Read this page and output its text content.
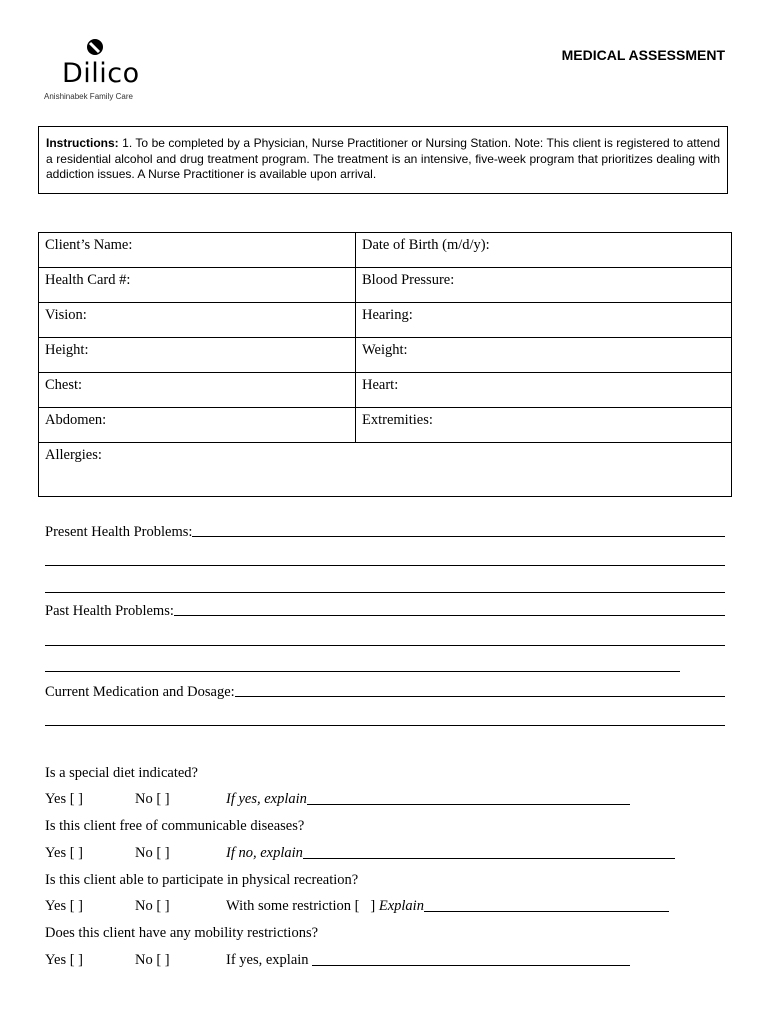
Dilico
Anishinabek Family Care
MEDICAL ASSESSMENT
Instructions: 1. To be completed by a Physician, Nurse Practitioner or Nursing Station. Note: This client is registered to attend a residential alcohol and drug treatment program. The treatment is an intensive, five-week program that prioritizes dealing with addiction issues. A Nurse Practitioner is available upon arrival.
Client’s Name:	Date of Birth (m/d/y):

Health Card #:	Blood Pressure:

Vision:	Hearing:

Height:	Weight:

Chest:	Heart:

Abdomen:	Extremities:

Allergies:	
Present Health Problems:
Past Health Problems:
Current Medication and Dosage:
Is a special diet indicated?
Yes [ ]	No [ ]	If yes, explain
Is this client free of communicable diseases?
Yes [ ]	No [ ]	If no, explain
Is this client able to participate in physical recreation?
Yes [ ]	No [ ]	With some restriction [   ] Explain
Does this client have any mobility restrictions?
Yes [ ]	No [ ]	If yes, explain
